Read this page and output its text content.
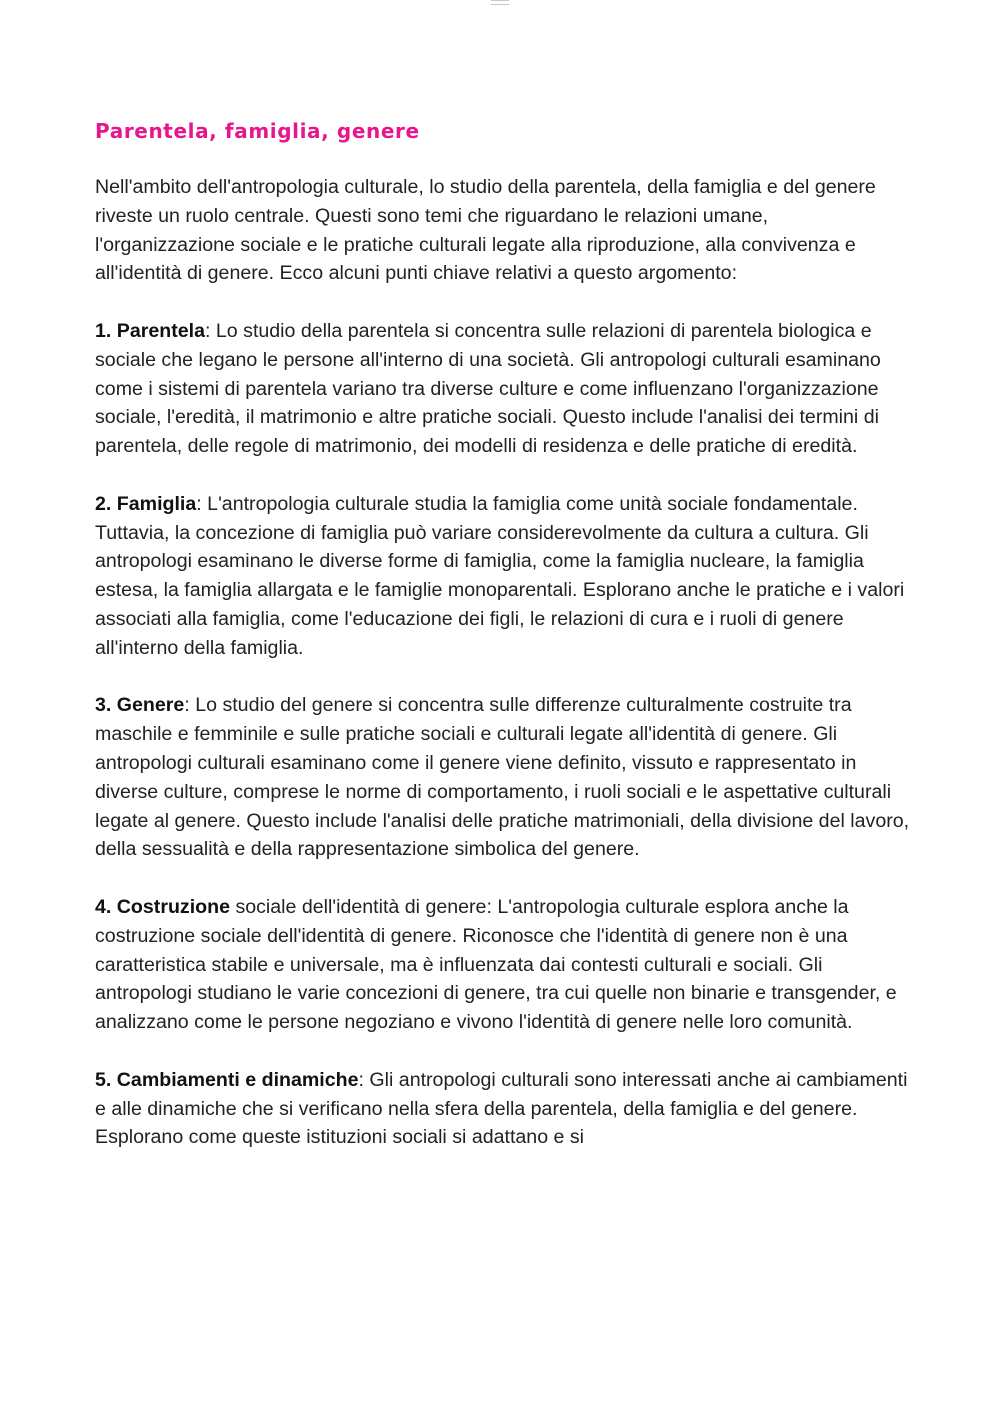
Parentela, famiglia, genere

Nell'ambito dell'antropologia culturale, lo studio della parentela, della famiglia e del genere riveste un ruolo centrale. Questi sono temi che riguardano le relazioni umane, l'organizzazione sociale e le pratiche culturali legate alla riproduzione, alla convivenza e all'identità di genere. Ecco alcuni punti chiave relativi a questo argomento:

1. Parentela: Lo studio della parentela si concentra sulle relazioni di parentela biologica e sociale che legano le persone all'interno di una società. Gli antropologi culturali esaminano come i sistemi di parentela variano tra diverse culture e come influenzano l'organizzazione sociale, l'eredità, il matrimonio e altre pratiche sociali. Questo include l'analisi dei termini di parentela, delle regole di matrimonio, dei modelli di residenza e delle pratiche di eredità.

2. Famiglia: L'antropologia culturale studia la famiglia come unità sociale fondamentale. Tuttavia, la concezione di famiglia può variare considerevolmente da cultura a cultura. Gli antropologi esaminano le diverse forme di famiglia, come la famiglia nucleare, la famiglia estesa, la famiglia allargata e le famiglie monoparentali. Esplorano anche le pratiche e i valori associati alla famiglia, come l'educazione dei figli, le relazioni di cura e i ruoli di genere all'interno della famiglia.

3. Genere: Lo studio del genere si concentra sulle differenze culturalmente costruite tra maschile e femminile e sulle pratiche sociali e culturali legate all'identità di genere. Gli antropologi culturali esaminano come il genere viene definito, vissuto e rappresentato in diverse culture, comprese le norme di comportamento, i ruoli sociali e le aspettative culturali legate al genere. Questo include l'analisi delle pratiche matrimoniali, della divisione del lavoro, della sessualità e della rappresentazione simbolica del genere.

4. Costruzione sociale dell'identità di genere: L'antropologia culturale esplora anche la costruzione sociale dell'identità di genere. Riconosce che l'identità di genere non è una caratteristica stabile e universale, ma è influenzata dai contesti culturali e sociali. Gli antropologi studiano le varie concezioni di genere, tra cui quelle non binarie e transgender, e analizzano come le persone negoziano e vivono l'identità di genere nelle loro comunità.

5. Cambiamenti e dinamiche: Gli antropologi culturali sono interessati anche ai cambiamenti e alle dinamiche che si verificano nella sfera della parentela, della famiglia e del genere. Esplorano come queste istituzioni sociali si adattano e si
